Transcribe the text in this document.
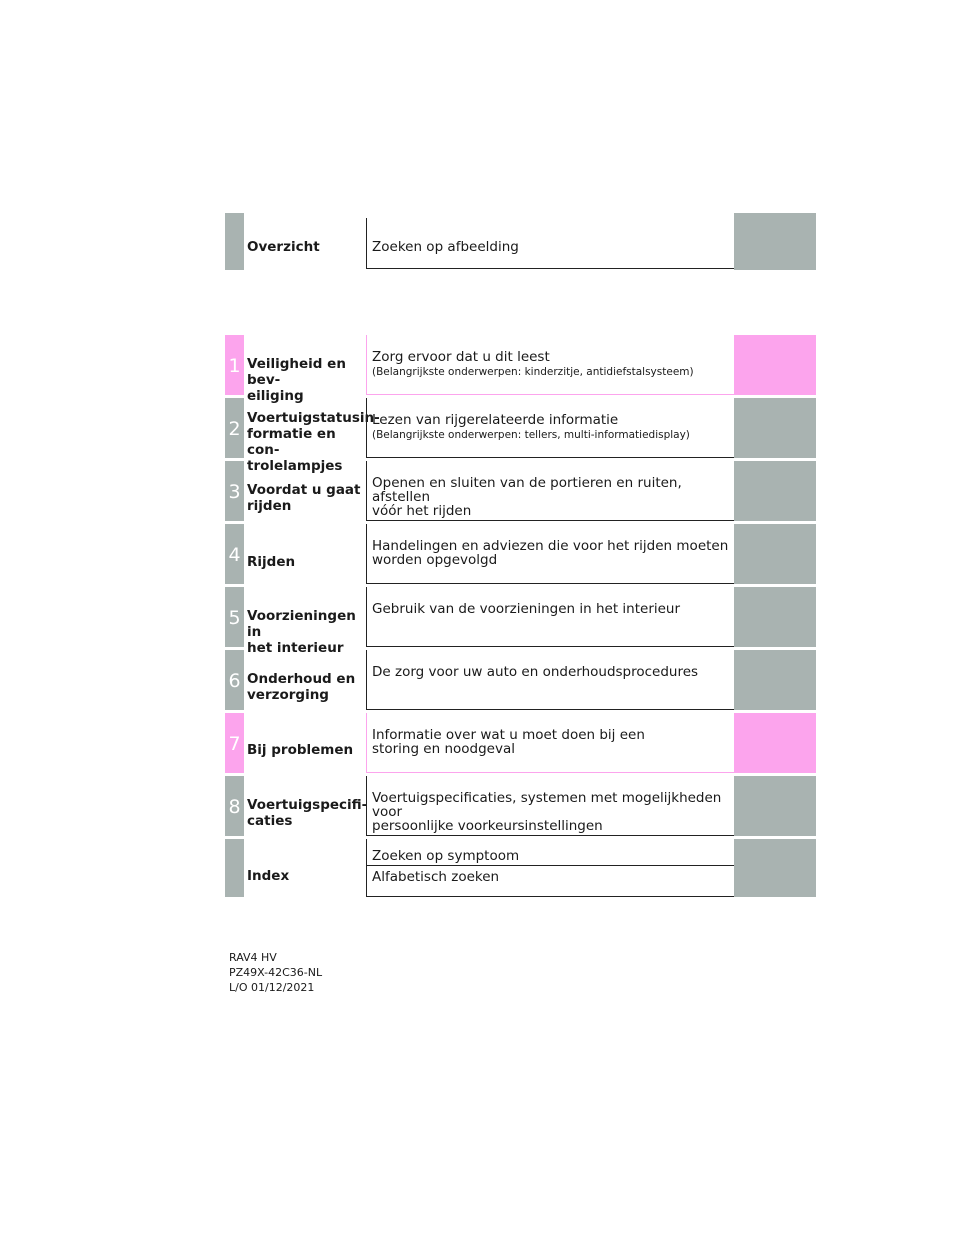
Overzicht	Zoeken op afbeelding
1 Veiligheid en bev-
eiliging
Zorg ervoor dat u dit leest
(Belangrijkste onderwerpen: kinderzitje, antidiefstalsysteem)
2 Voertuigstatusin-
formatie en con-
trolelampjes
Lezen van rijgerelateerde informatie
(Belangrijkste onderwerpen: tellers, multi-informatiedisplay)
3 Voordat u gaat
rijden
Openen en sluiten van de portieren en ruiten, afstellen
vóór het rijden
4 Rijden
Handelingen en adviezen die voor het rijden moeten
worden opgevolgd
5 Voorzieningen in
het interieur
Gebruik van de voorzieningen in het interieur
6 Onderhoud en
verzorging
De zorg voor uw auto en onderhoudsprocedures
7 Bij problemen
Informatie over wat u moet doen bij een
storing en noodgeval
8 Voertuigspecifi-
caties
Voertuigspecificaties, systemen met mogelijkheden voor
persoonlijke voorkeursinstellingen
Index
Zoeken op symptoom
Alfabetisch zoeken
RAV4 HV
PZ49X-42C36-NL
L/O 01/12/2021
